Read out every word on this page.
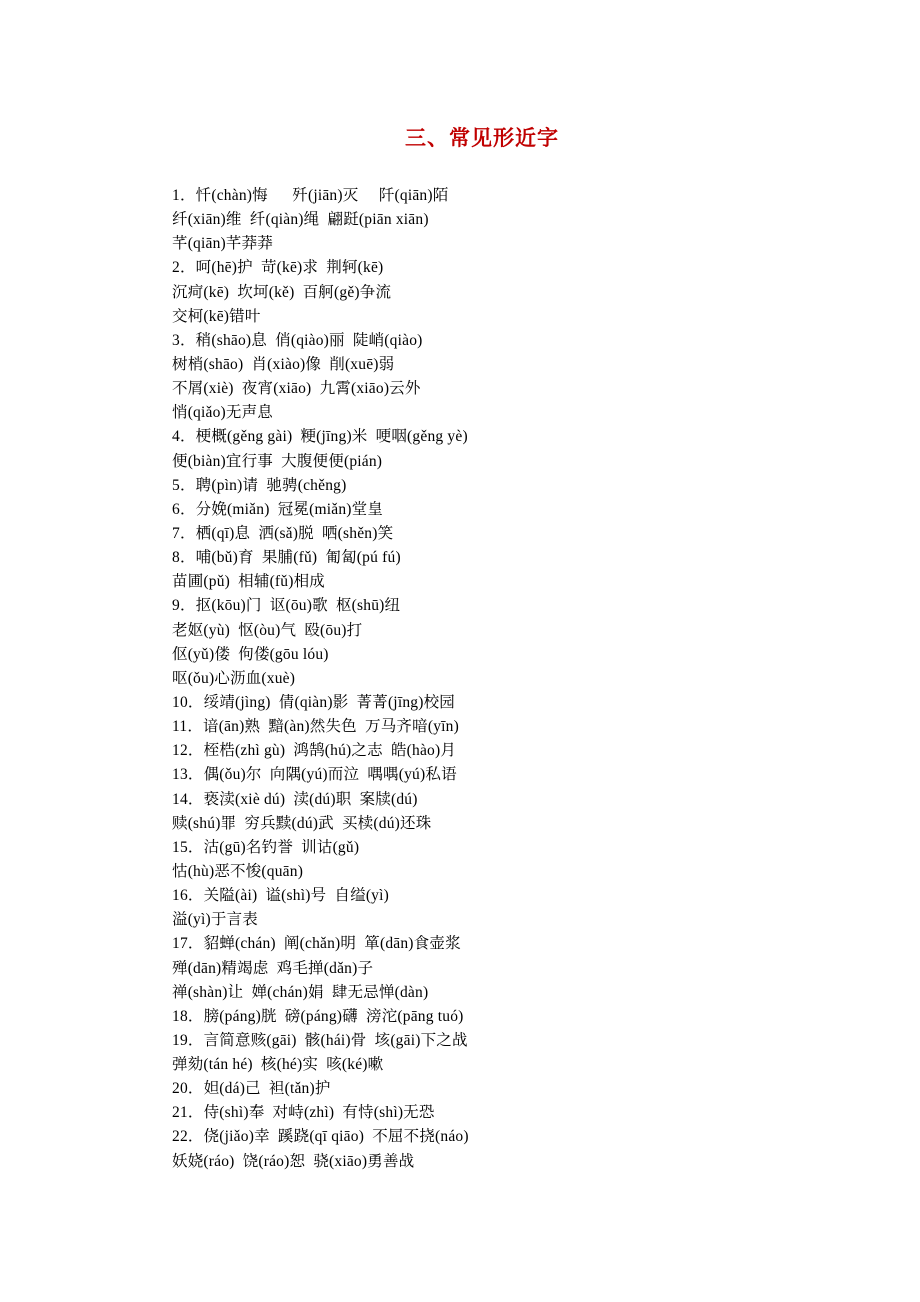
三、常见形近字
1．忏(chàn)悔      歼(jiān)灭     阡(qiān)陌
纤(xiān)维  纤(qiàn)绳  翩跹(piān xiān)
芊(qiān)芊莽莽
2．呵(hē)护  苛(kē)求  荆轲(kē)
沉疴(kē)  坎坷(kě)  百舸(gě)争流
交柯(kē)错叶
3．稍(shāo)息  俏(qiào)丽  陡峭(qiào)
树梢(shāo)  肖(xiào)像  削(xuē)弱
不屑(xiè)  夜宵(xiāo)  九霄(xiāo)云外
悄(qiǎo)无声息
4．梗概(gěng gài)  粳(jīng)米  哽咽(gěng yè)
便(biàn)宜行事  大腹便便(pián)
5．聘(pìn)请  驰骋(chěng)
6．分娩(miǎn)  冠冕(miǎn)堂皇
7．栖(qī)息  洒(sǎ)脱  哂(shěn)笑
8．哺(bǔ)育  果脯(fǔ)  匍匐(pú fú)
苗圃(pǔ)  相辅(fǔ)相成
9．抠(kōu)门  讴(ōu)歌  枢(shū)纽
老妪(yù)  怄(òu)气  殴(ōu)打
伛(yǔ)偻  佝偻(gōu lóu)
呕(ǒu)心沥血(xuè)
10．绥靖(jìng)  倩(qiàn)影  菁菁(jīng)校园
11．谙(ān)熟  黯(àn)然失色  万马齐喑(yīn)
12．桎梏(zhì gù)  鸿鹄(hú)之志  皓(hào)月
13．偶(ǒu)尔  向隅(yú)而泣  喁喁(yú)私语
14．亵渎(xiè dú)  渎(dú)职  案牍(dú)
赎(shú)罪  穷兵黩(dú)武  买椟(dú)还珠
15．沽(gū)名钓誉  训诂(gǔ)
怙(hù)恶不悛(quān)
16．关隘(ài)  谥(shì)号  自缢(yì)
溢(yì)于言表
17．貂蝉(chán)  阐(chǎn)明  箪(dān)食壶浆
殚(dān)精竭虑  鸡毛掸(dǎn)子
禅(shàn)让  婵(chán)娟  肆无忌惮(dàn)
18．膀(páng)胱  磅(páng)礴  滂沱(pāng tuó)
19．言简意赅(gāi)  骸(hái)骨  垓(gāi)下之战
弹劾(tán hé)  核(hé)实  咳(ké)嗽
20．妲(dá)己  袒(tǎn)护
21．侍(shì)奉  对峙(zhì)  有恃(shì)无恐
22．侥(jiǎo)幸  蹊跷(qī qiāo)  不屈不挠(náo)
妖娆(ráo)  饶(ráo)恕  骁(xiāo)勇善战
